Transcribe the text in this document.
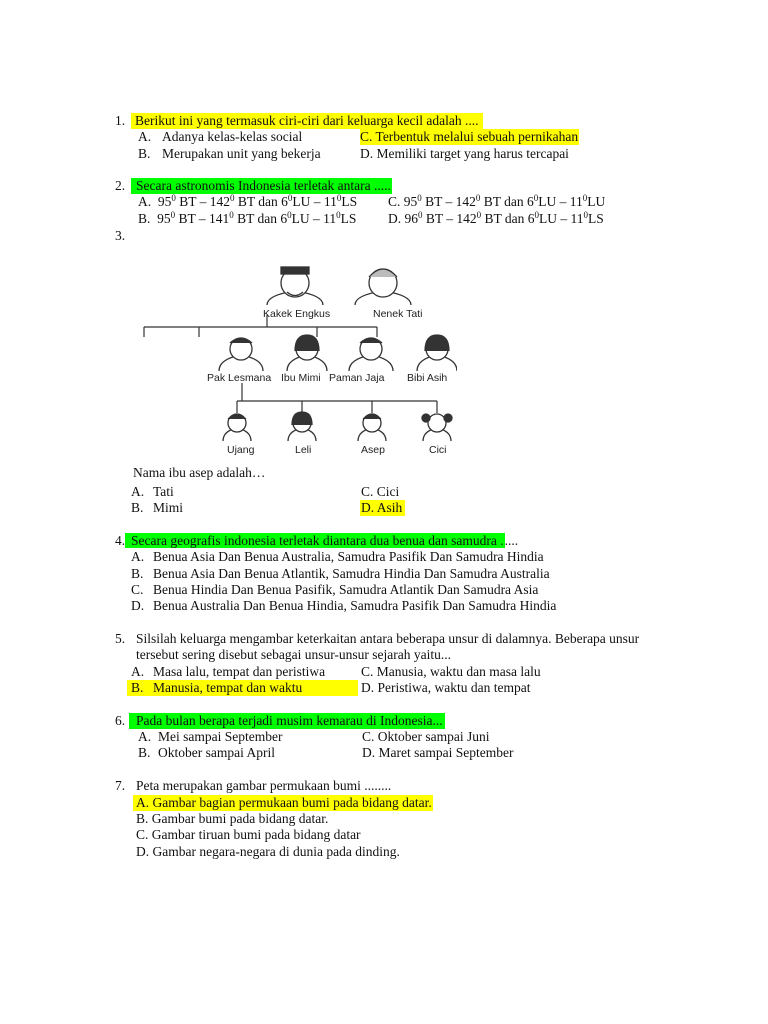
1. Berikut ini yang termasuk ciri-ciri dari keluarga kecil adalah ....
A. Adanya kelas-kelas social
B. Merupakan unit yang bekerja
C. Terbentuk melalui sebuah pernikahan
D. Memiliki target yang harus tercapai
2. Secara astronomis Indonesia terletak antara .....
A. $95^0$ BT – $142^0$ BT dan $6^0LU - 11^0LS$
B. $95^0$ BT – $141^0$ BT dan $6^0LU - 11^0LS$
C. $95^0$ BT – $142^0$ BT dan $6^0LU - 11^0LU$
D. $96^0$ BT – $142^0$ BT dan $6^0LU - 11^0LS$
3.
Kakek Engkus	Nenek Tati
Pak Lesmana Ibu Mimi Paman Jaja Bibi Asih
Ujang	Leli	Asep	Cici
Nama ibu asep adalah…
A. Tati
B. Mimi
C. Cici
D. Asih
4. Secara geografis indonesia terletak diantara dua benua dan samudra .....
A. Benua Asia Dan Benua Australia, Samudra Pasifik Dan Samudra Hindia
B. Benua Asia Dan Benua Atlantik, Samudra Hindia Dan Samudra Australia
C. Benua Hindia Dan Benua Pasifik, Samudra Atlantik Dan Samudra Asia
D. Benua Australia Dan Benua Hindia, Samudra Pasifik Dan Samudra Hindia
5. Silsilah keluarga mengambar keterkaitan antara beberapa unsur di dalamnya. Beberapa unsur
tersebut sering disebut sebagai unsur-unsur sejarah yaitu...
A. Masa lalu, tempat dan peristiwa
B. Manusia, tempat dan waktu
C. Manusia, waktu dan masa lalu
D. Peristiwa, waktu dan tempat
6. Pada bulan berapa terjadi musim kemarau di Indonesia...
A. Mei sampai September
B. Oktober sampai April
C. Oktober sampai Juni
D. Maret sampai September
7. Peta merupakan gambar permukaan bumi ........
A. Gambar bagian permukaan bumi pada bidang datar.
B. Gambar bumi pada bidang datar.
C. Gambar tiruan bumi pada bidang datar
D. Gambar negara-negara di dunia pada dinding.
